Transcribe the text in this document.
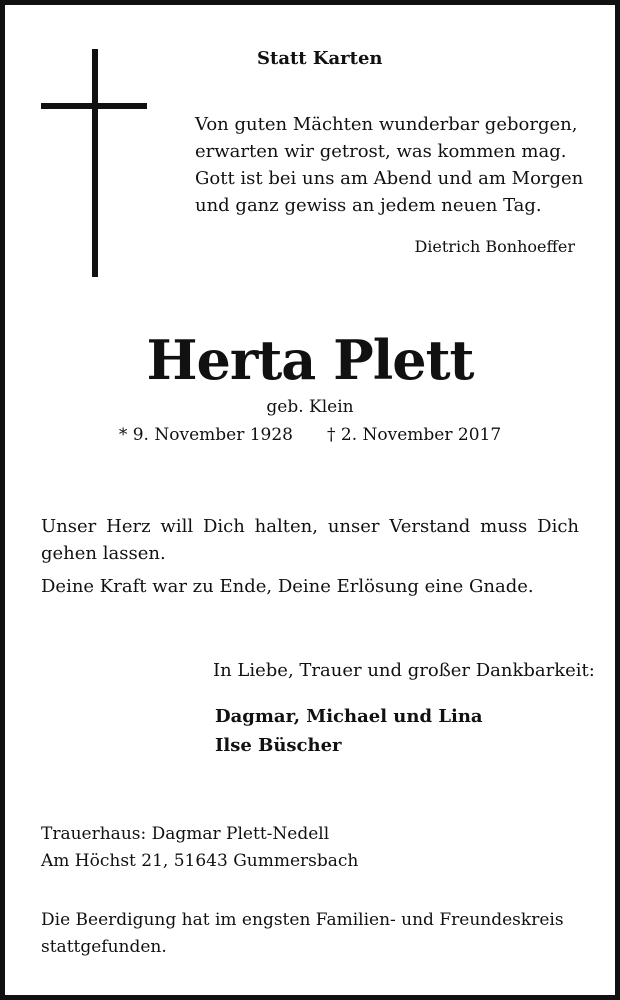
Statt Karten
Von guten Mächten wunderbar geborgen,
erwarten wir getrost, was kommen mag.
Gott ist bei uns am Abend und am Morgen
und ganz gewiss an jedem neuen Tag.
Dietrich Bonhoeffer
Herta Plett
geb. Klein
* 9. November 1928 † 2. November 2017
Unser Herz will Dich halten, unser Verstand muss Dich gehen lassen.
Deine Kraft war zu Ende, Deine Erlösung eine Gnade.
In Liebe, Trauer und großer Dankbarkeit:
Dagmar, Michael und Lina
Ilse Büscher
Trauerhaus: Dagmar Plett-Nedell
Am Höchst 21, 51643 Gummersbach
Die Beerdigung hat im engsten Familien- und Freundeskreis stattgefunden.
